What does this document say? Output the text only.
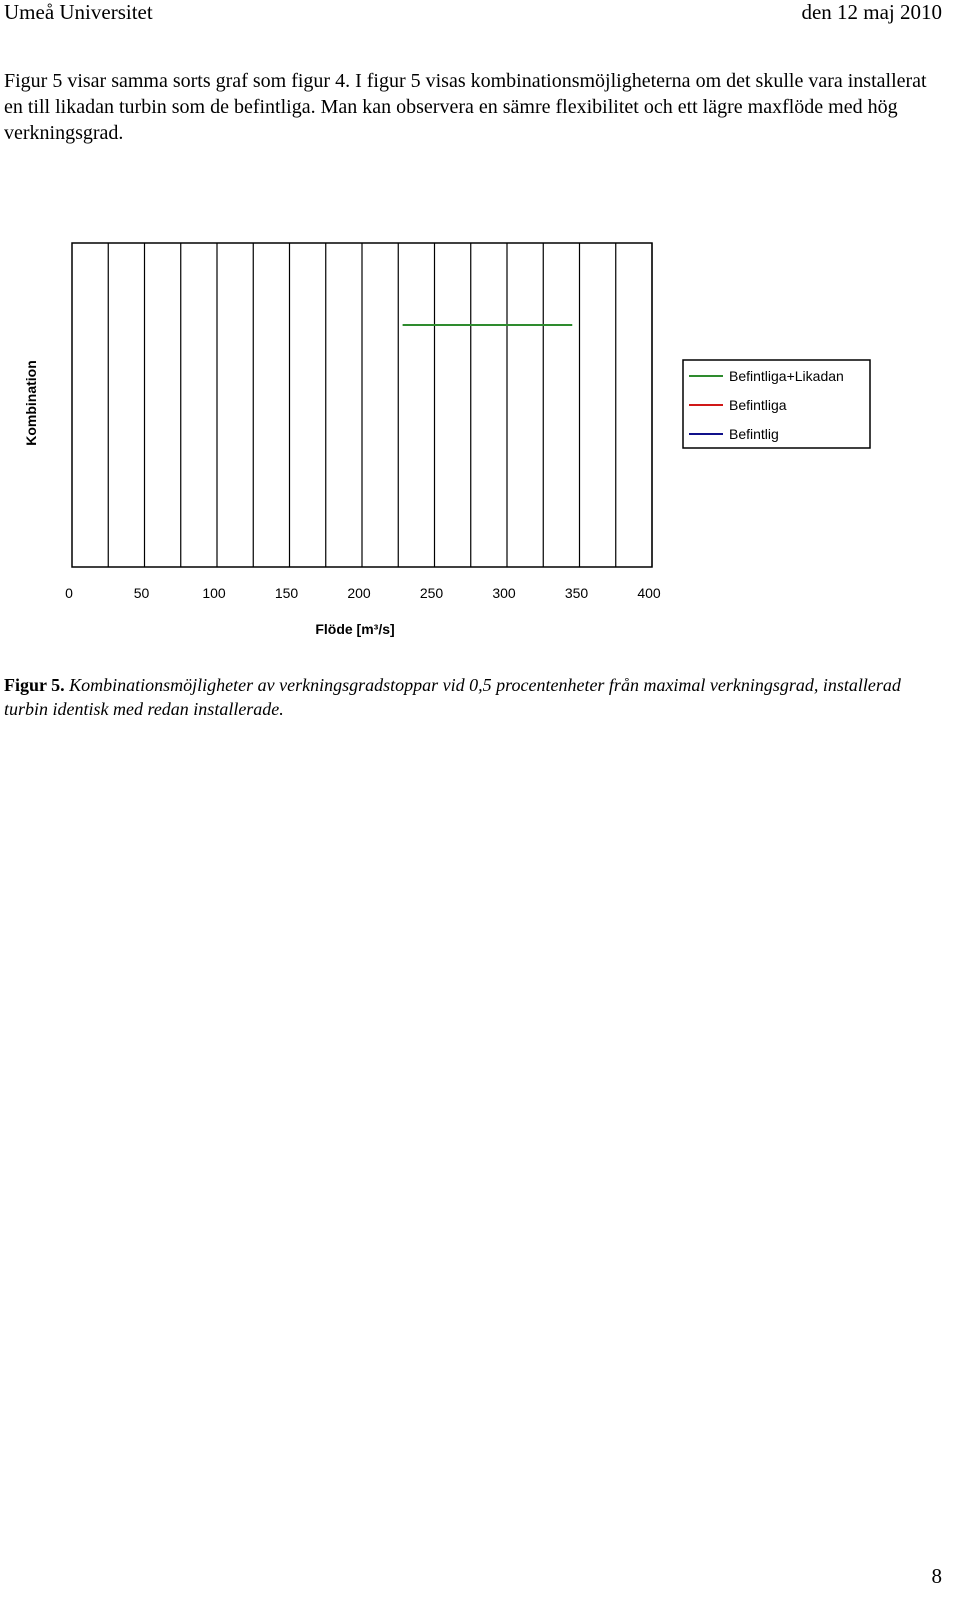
Umeå Universitet	den 12 maj 2010

Figur 5 visar samma sorts graf som figur 4. I figur 5 visas kombinationsmöjligheterna om det skulle vara installerat en till likadan turbin som de befintliga. Man kan observera en sämre flexibilitet och ett lägre maxflöde med hög verkningsgrad.

0	50	100	150	200	250	300	350	400
Flöde [m³/s]
Kombination	Befintliga+Likadan
Befintliga
Befintlig
Figur 5. Kombinationsmöjligheter av verkningsgradstoppar vid 0,5 procentenheter från maximal verkningsgrad, installerad turbin identisk med redan installerade.
8
